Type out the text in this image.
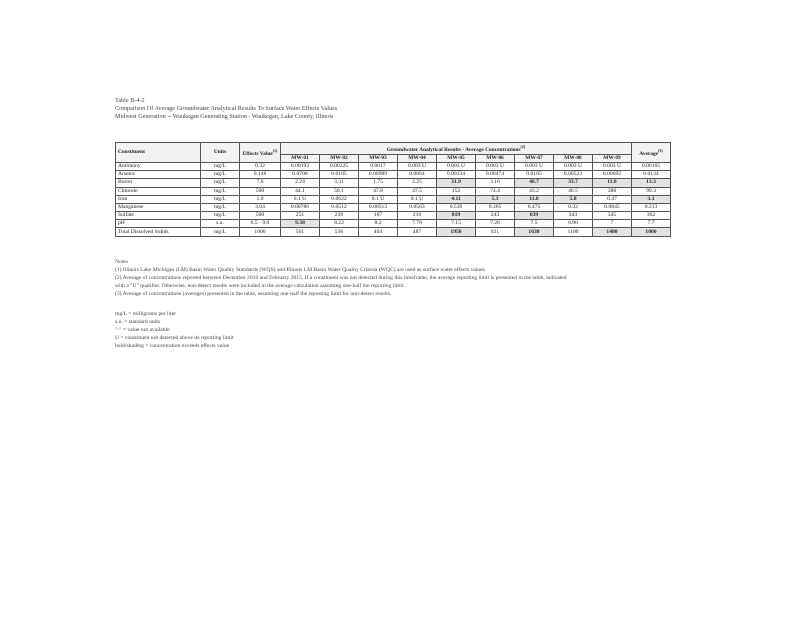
Table B-4-2
Comparison Of Average Groundwater Analytical Results To Surface Water Effects Values
Midwest Generation -- Waukegan Generating Station - Waukegan, Lake County, Illinois
Constituent	Units	Effects Value$^{(1)}$	Groundwater Analytical Results - Average Concentrations$^{(2)}$									Average$^{(3)}$
			MW-01	MW-02	MW-03	MW-04	MW-05	MW-06	MW-07	MW-08	MW-09	
Antimony	mg/L	0.32	0.00193	0.00225	0.0017	0.003 U	0.003 U	0.003 U	0.003 U	0.003 U	0.003 U	0.00165
Arsenic	mg/L	0.148	0.0708	0.0105	0.00989	0.0664	0.00334	0.00474	0.0105	0.00523	0.00692	0.0134
Boron	mg/L	7.6	2.24	3.31	1.75	2.25	31.9	3.16	40.7	33.7	11.8	13.3
Chloride	mg/L	500	44.1	50.1	47.8	47.5	152	74.4	43.2	46.5	388	99.3
Iron	mg/L	1.0	0.1 U	0.0622	0.1 U	0.1 U	4.11	5.3	11.8	5.8	0.47	3.1
Manganese	mg/L	3.04	0.00786	0.0512	0.00513	0.0563	0.539	0.365	0.475	0.32	0.0845	0.213
Sulfate	mg/L	500	251	239	167	216	819	243	639	343	345	362
pH	s.u.	6.5 - 9.0	9.38	8.22	8.2	7.78	7.15	7.26	7.5	6.90	7	7.7
Total Dissolved Solids	mg/L	1000	501	536	404	487	1950	921	1630	1100	1480	1000
Notes
(1) Illinois Lake Michigan (LM) Basin Water Quality Standards (WQS) and Illinois LM Basin Water Quality Criteria (WQC) are used as surface water effects values.
(2) Average of concentrations reported between December 2010 and February 2015. If a constituent was not detected during this timeframe, the average reporting limit is presented in the table, indicated
with a "U" qualifier. Otherwise, non-detect results were included in the average calculation assuming one-half the reporting limit.
(3) Average of concentrations (averages) presented in the table, assuming one-half the reporting limit for non-detect results.
mg/L = milligrams per liter
s.u. = standard units
"-" = value not available
U = constituent not detected above its reporting limit
bold/shading = concentration exceeds effects value
